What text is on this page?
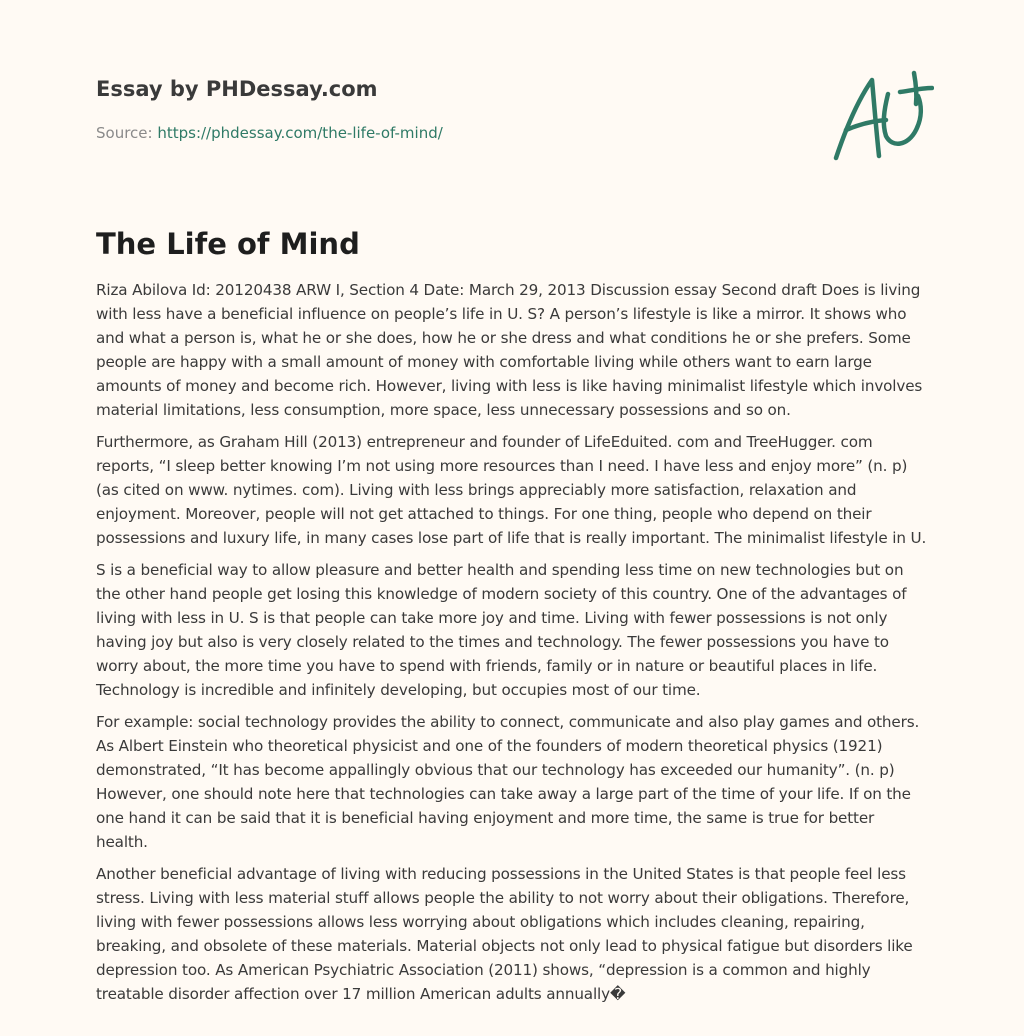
Essay by PHDessay.com
Source: https://phdessay.com/the-life-of-mind/
The Life of Mind

Riza Abilova Id: 20120438 ARW I, Section 4 Date: March 29, 2013 Discussion essay Second draft Does is living with less have a beneficial influence on people’s life in U. S? A person’s lifestyle is like a mirror. It shows who and what a person is, what he or she does, how he or she dress and what conditions he or she prefers. Some people are happy with a small amount of money with comfortable living while others want to earn large amounts of money and become rich. However, living with less is like having minimalist lifestyle which involves material limitations, less consumption, more space, less unnecessary possessions and so on.

Furthermore, as Graham Hill (2013) entrepreneur and founder of LifeEduited. com and TreeHugger. com reports, “I sleep better knowing I’m not using more resources than I need. I have less and enjoy more” (n. p) (as cited on www. nytimes. com). Living with less brings appreciably more satisfaction, relaxation and enjoyment. Moreover, people will not get attached to things. For one thing, people who depend on their possessions and luxury life, in many cases lose part of life that is really important. The minimalist lifestyle in U.

S is a beneficial way to allow pleasure and better health and spending less time on new technologies but on the other hand people get losing this knowledge of modern society of this country. One of the advantages of living with less in U. S is that people can take more joy and time. Living with fewer possessions is not only having joy but also is very closely related to the times and technology. The fewer possessions you have to worry about, the more time you have to spend with friends, family or in nature or beautiful places in life. Technology is incredible and infinitely developing, but occupies most of our time.

For example: social technology provides the ability to connect, communicate and also play games and others. As Albert Einstein who theoretical physicist and one of the founders of modern theoretical physics (1921) demonstrated, “It has become appallingly obvious that our technology has exceeded our humanity”. (n. p) However, one should note here that technologies can take away a large part of the time of your life. If on the one hand it can be said that it is beneficial having enjoyment and more time, the same is true for better health.

Another beneficial advantage of living with reducing possessions in the United States is that people feel less stress. Living with less material stuff allows people the ability to not worry about their obligations. Therefore, living with fewer possessions allows less worrying about obligations which includes cleaning, repairing, breaking, and obsolete of these materials. Material objects not only lead to physical fatigue but disorders like depression too. As American Psychiatric Association (2011) shows, “depression is a common and highly treatable disorder affection over 17 million American adults annually�
